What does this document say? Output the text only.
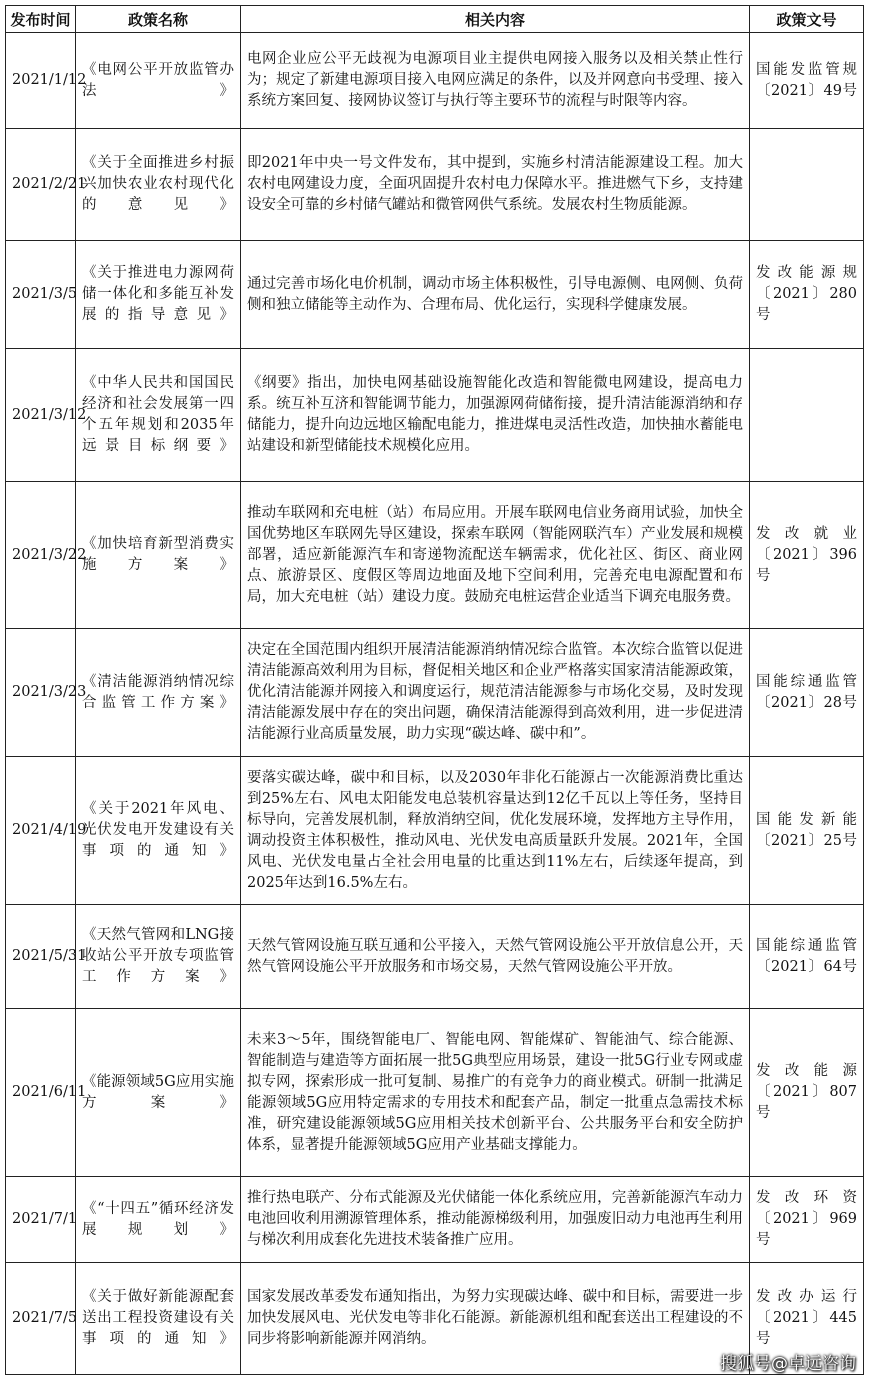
发布时间	政策名称	相关内容	政策文号
2021/1/12	《电网公平开放监管办法》	电网企业应公平无歧视为电源项目业主提供电网接入服务以及相关禁止性行为；规定了新建电源项目接入电网应满足的条件，以及并网意向书受理、接入系统方案回复、接网协议签订与执行等主要环节的流程与时限等内容。	国能发监管规〔2021〕49号
2021/2/21	《关于全面推进乡村振兴加快农业农村现代化的意见》	即2021年中央一号文件发布，其中提到，实施乡村清洁能源建设工程。加大农村电网建设力度，全面巩固提升农村电力保障水平。推进燃气下乡，支持建设安全可靠的乡村储气罐站和微管网供气系统。发展农村生物质能源。	
2021/3/5	《关于推进电力源网荷储一体化和多能互补发展的指导意见》	通过完善市场化电价机制，调动市场主体积极性，引导电源侧、电网侧、负荷侧和独立储能等主动作为、合理布局、优化运行，实现科学健康发展。	发改能源规〔2021〕280号
2021/3/12	《中华人民共和国国民经济和社会发展第一四个五年规划和2035年远景目标纲要》	《纲要》指出，加快电网基础设施智能化改造和智能微电网建设，提高电力系。统互补互济和智能调节能力，加强源网荷储衔接，提升清洁能源消纳和存储能力，提升向边远地区输配电能力，推进煤电灵活性改造，加快抽水蓄能电站建设和新型储能技术规模化应用。	
2021/3/22	《加快培育新型消费实施方案》	推动车联网和充电桩（站）布局应用。开展车联网电信业务商用试验，加快全国优势地区车联网先导区建设，探索车联网（智能网联汽车）产业发展和规模部署，适应新能源汽车和寄递物流配送车辆需求，优化社区、街区、商业网点、旅游景区、度假区等周边地面及地下空间利用，完善充电电源配置和布局，加大充电桩（站）建设力度。鼓励充电桩运营企业适当下调充电服务费。	发改就业〔2021〕396号
2021/3/23	《清洁能源消纳情况综合监管工作方案》	决定在全国范围内组织开展清洁能源消纳情况综合监管。本次综合监管以促进清洁能源高效利用为目标，督促相关地区和企业严格落实国家清洁能源政策，优化清洁能源并网接入和调度运行，规范清洁能源参与市场化交易，及时发现清洁能源发展中存在的突出问题，确保清洁能源得到高效利用，进一步促进清洁能源行业高质量发展，助力实现“碳达峰、碳中和”。	国能综通监管〔2021〕28号
2021/4/19	《关于2021年风电、光伏发电开发建设有关事项的通知》	要落实碳达峰，碳中和目标，以及2030年非化石能源占一次能源消费比重达到25%左右、风电太阳能发电总装机容量达到12亿千瓦以上等任务，坚持目标导向，完善发展机制，释放消纳空间，优化发展环境，发挥地方主导作用，调动投资主体积极性，推动风电、光伏发电高质量跃升发展。2021年，全国风电、光伏发电量占全社会用电量的比重达到11%左右，后续逐年提高，到2025年达到16.5%左右。	国能发新能〔2021〕25号
2021/5/31	《天然气管网和LNG接收站公平开放专项监管工作方案》	天然气管网设施互联互通和公平接入，天然气管网设施公平开放信息公开，天然气管网设施公平开放服务和市场交易，天然气管网设施公平开放。	国能综通监管〔2021〕64号
2021/6/11	《能源领域5G应用实施方案》	未来3～5年，围绕智能电厂、智能电网、智能煤矿、智能油气、综合能源、智能制造与建造等方面拓展一批5G典型应用场景，建设一批5G行业专网或虚拟专网，探索形成一批可复制、易推广的有竞争力的商业模式。研制一批满足能源领域5G应用特定需求的专用技术和配套产品，制定一批重点急需技术标准，研究建设能源领域5G应用相关技术创新平台、公共服务平台和安全防护体系，显著提升能源领域5G应用产业基础支撑能力。	发改能源〔2021〕807号
2021/7/1	《“十四五”循环经济发展规划》	推行热电联产、分布式能源及光伏储能一体化系统应用，完善新能源汽车动力电池回收利用溯源管理体系，推动能源梯级利用，加强废旧动力电池再生利用与梯次利用成套化先进技术装备推广应用。	发改环资〔2021〕969号
2021/7/5	《关于做好新能源配套送出工程投资建设有关事项的通知》	国家发展改革委发布通知指出，为努力实现碳达峰、碳中和目标，需要进一步加快发展风电、光伏发电等非化石能源。新能源机组和配套送出工程建设的不同步将影响新能源并网消纳。	发改办运行〔2021〕445号
搜狐号@卓远咨询
